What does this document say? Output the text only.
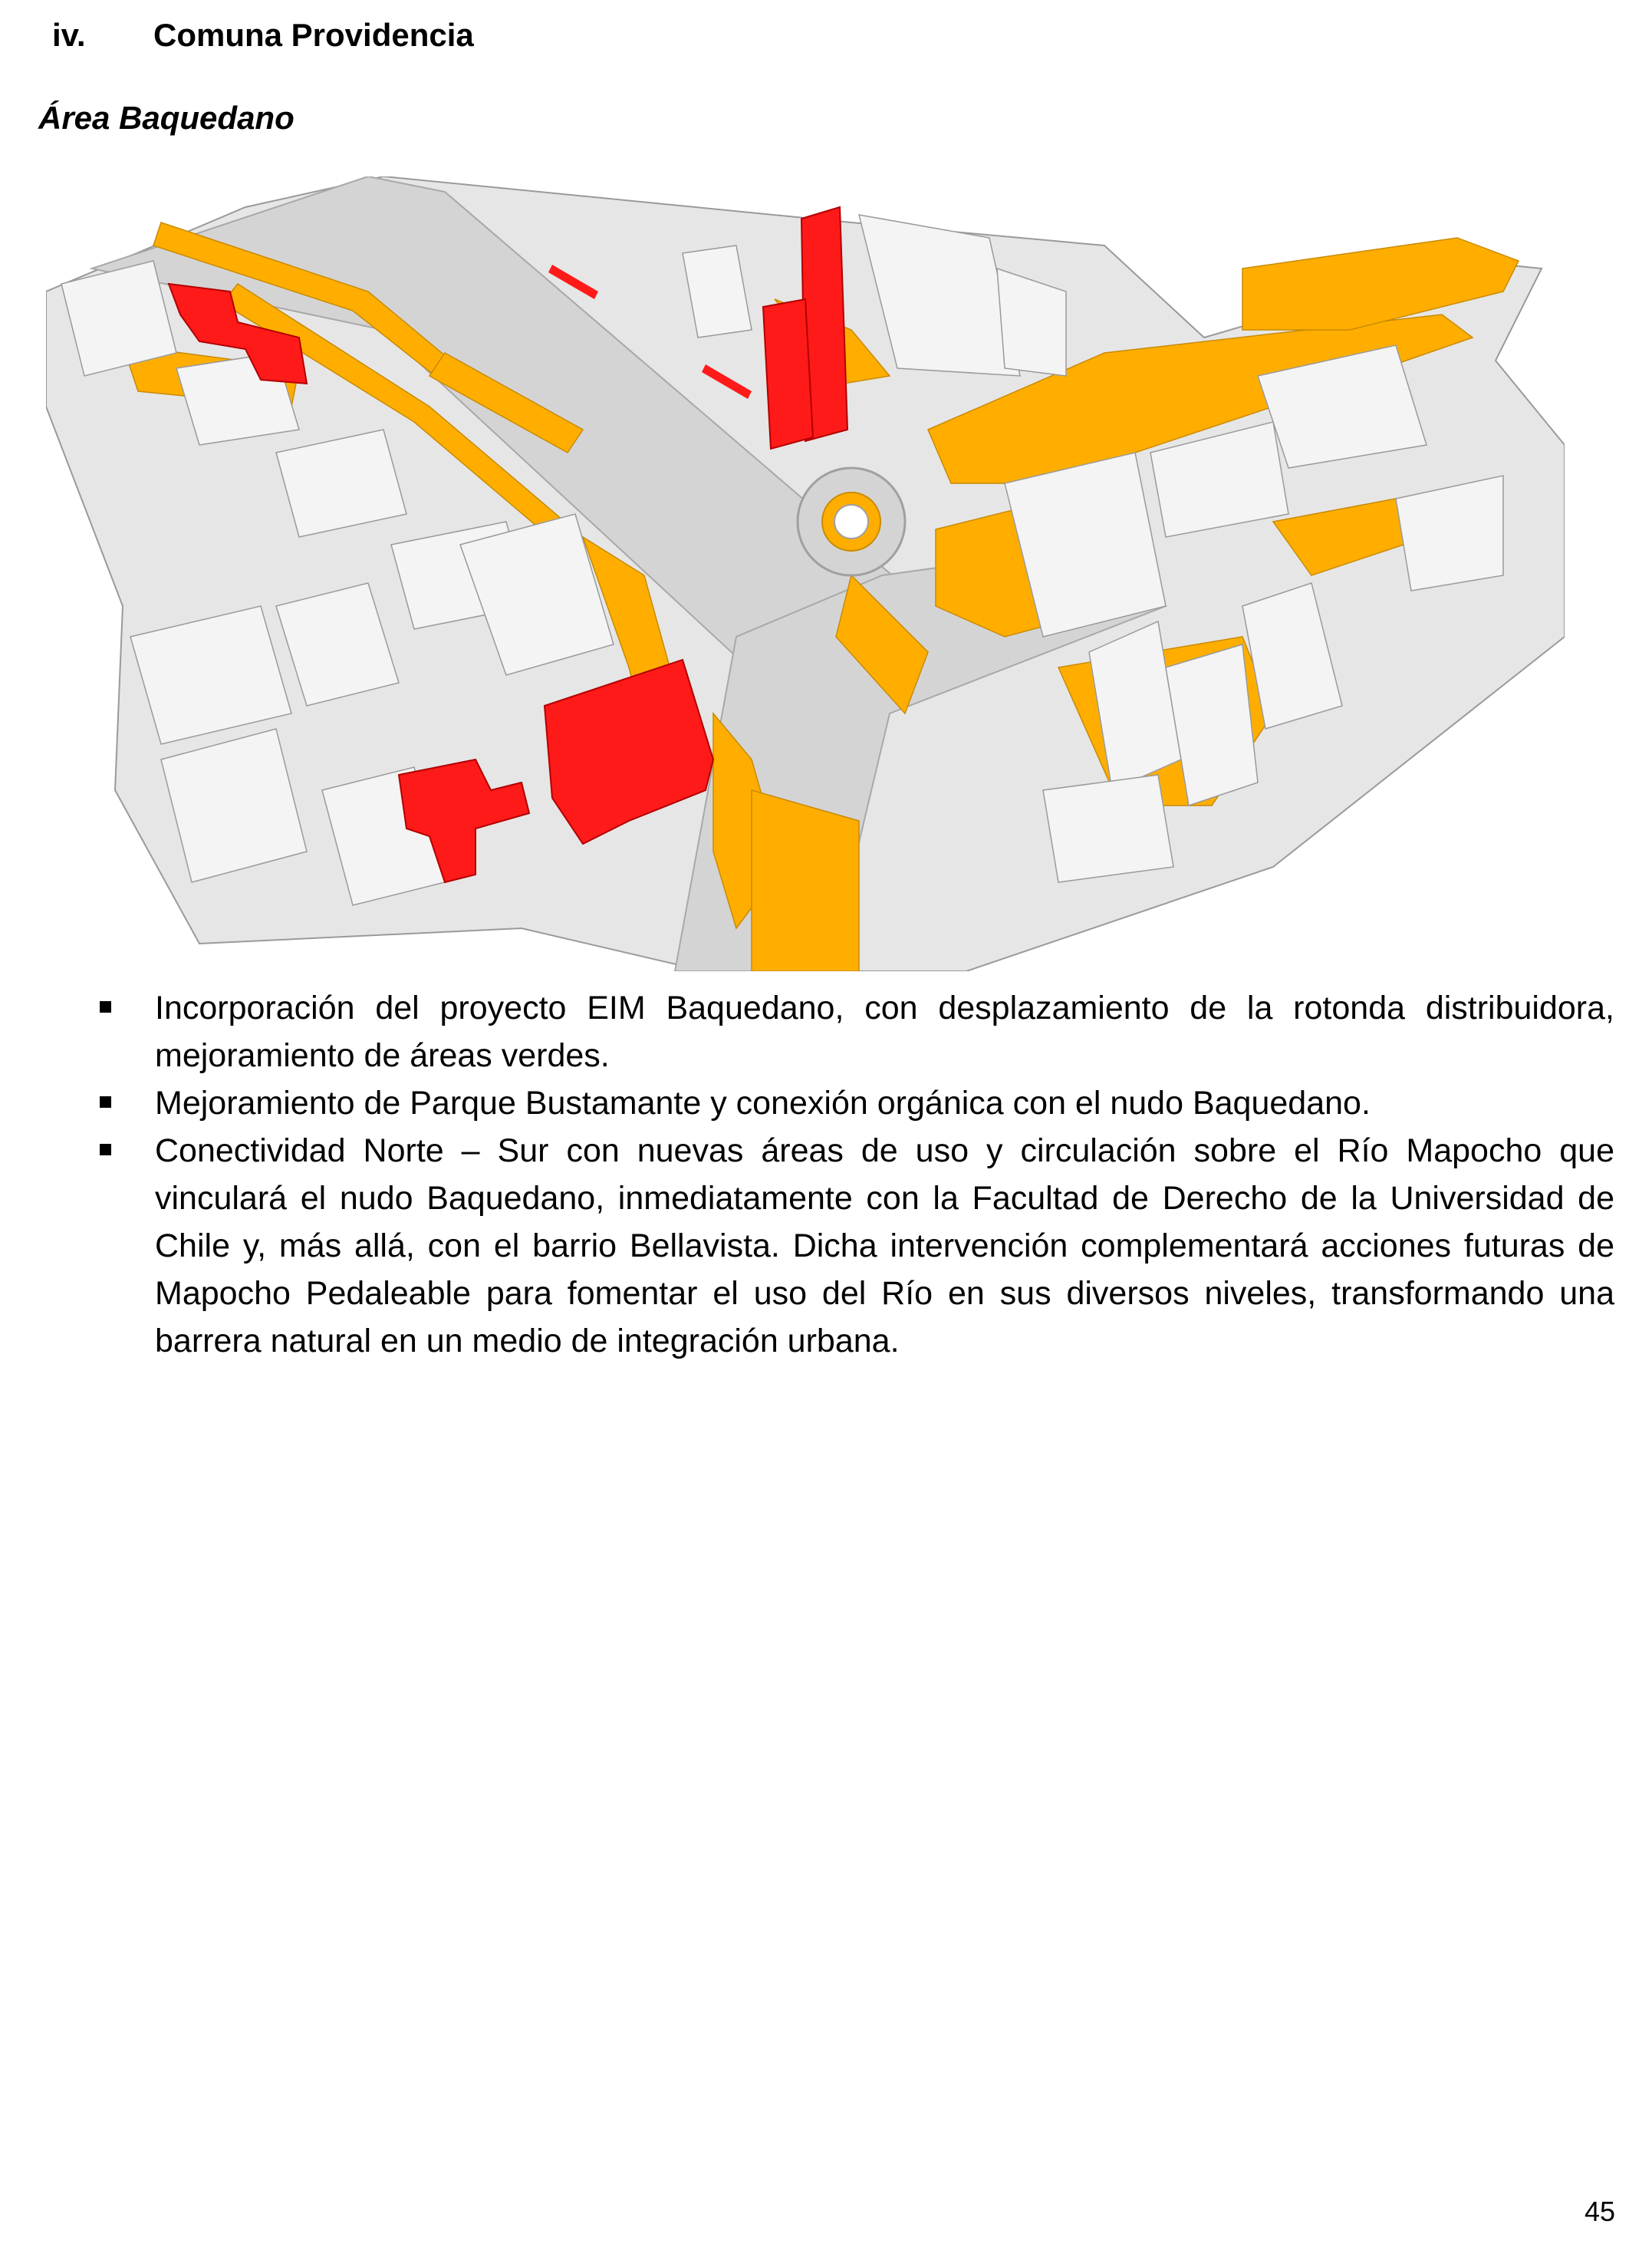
iv.	Comuna Providencia
Área Baquedano
Incorporación del proyecto EIM Baquedano, con desplazamiento de la rotonda distribuidora, mejoramiento de áreas verdes.
Mejoramiento de Parque Bustamante y conexión orgánica con el nudo Baquedano.
Conectividad Norte – Sur con nuevas áreas de uso y circulación sobre el Río Mapocho que vinculará el nudo Baquedano, inmediatamente con la Facultad de Derecho de la Universidad de Chile y, más allá, con el barrio Bellavista. Dicha intervención complementará acciones futuras de Mapocho Pedaleable para fomentar el uso del Río en sus diversos niveles, transformando una barrera natural en un medio de integración urbana.
45
